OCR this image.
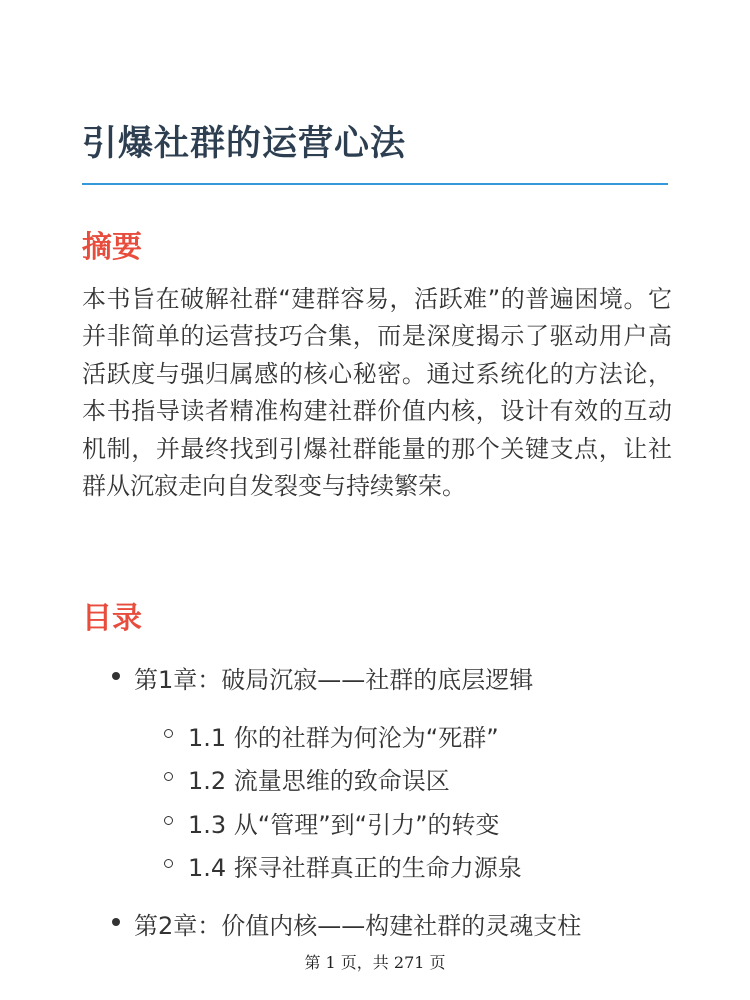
引爆社群的运营心法
摘要

本书旨在破解社群“建群容易，活跃难”的普遍困境。它并非简单的运营技巧合集，而是深度揭示了驱动用户高活跃度与强归属感的核心秘密。通过系统化的方法论，本书指导读者精准构建社群价值内核，设计有效的互动机制，并最终找到引爆社群能量的那个关键支点，让社群从沉寂走向自发裂变与持续繁荣。

目录
第1章：破局沉寂——社群的底层逻辑
1.1 你的社群为何沦为“死群”
1.2 流量思维的致命误区
1.3 从“管理”到“引力”的转变
1.4 探寻社群真正的生命力源泉
第2章：价值内核——构建社群的灵魂支柱
第 1 页，共 271 页
